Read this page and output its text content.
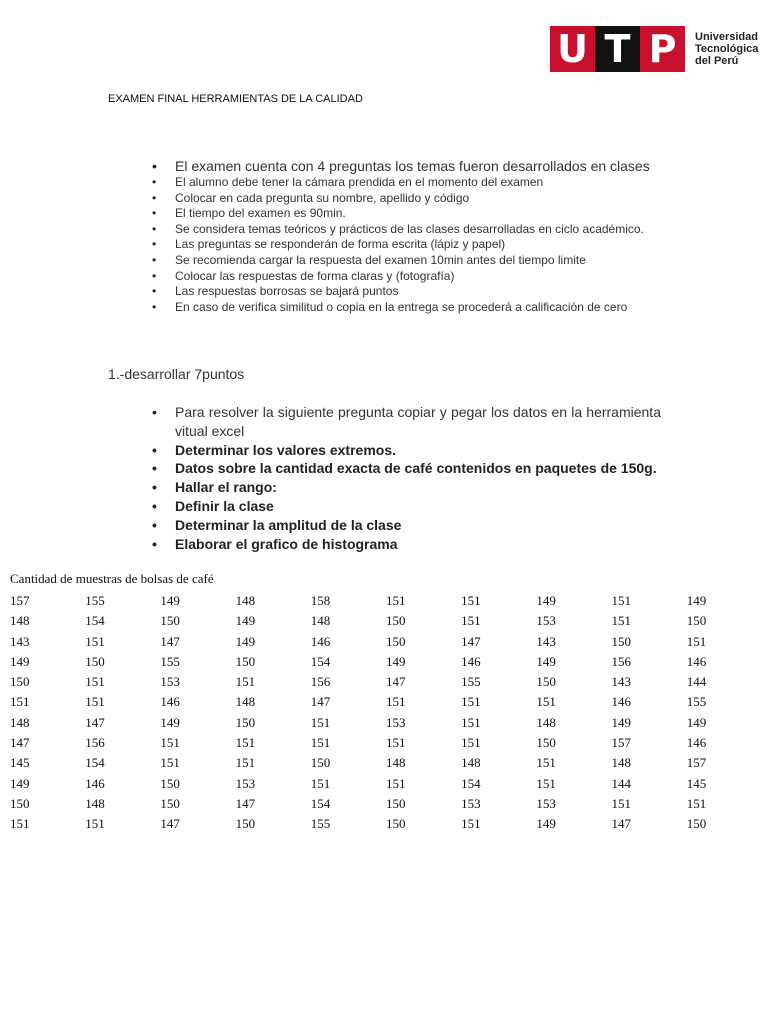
U T P	Universidad
Tecnológica
del Perú
EXAMEN FINAL HERRAMIENTAS DE LA CALIDAD
• El examen cuenta con 4 preguntas los temas fueron desarrollados en clases
• El alumno debe tener la cámara prendida en el momento del examen
• Colocar en cada pregunta su nombre, apellido y código
• El tiempo del examen es 90min.
• Se considera temas teóricos y prácticos de las clases desarrolladas en ciclo académico.
• Las preguntas se responderán de forma escrita (lápiz y papel)
• Se recomienda cargar la respuesta del examen 10min antes del tiempo limite
• Colocar las respuestas de forma claras y (fotografía)
• Las respuestas borrosas se bajará puntos
• En caso de verifica similitud o copia en la entrega se procederá a calificación de cero
1.-desarrollar 7puntos
• Para resolver la siguiente pregunta copiar y pegar los datos en la herramienta vitual excel
• Determinar los valores extremos.
• Datos sobre la cantidad exacta de café contenidos en paquetes de 150g.
• Hallar el rango:
• Definir la clase
• Determinar la amplitud de la clase
• Elaborar el grafico de histograma
Cantidad de muestras de bolsas de café
157	155	149	148	158	151	151	149	151	149
148	154	150	149	148	150	151	153	151	150
143	151	147	149	146	150	147	143	150	151
149	150	155	150	154	149	146	149	156	146
150	151	153	151	156	147	155	150	143	144
151	151	146	148	147	151	151	151	146	155
148	147	149	150	151	153	151	148	149	149
147	156	151	151	151	151	151	150	157	146
145	154	151	151	150	148	148	151	148	157
149	146	150	153	151	151	154	151	144	145
150	148	150	147	154	150	153	153	151	151
151	151	147	150	155	150	151	149	147	150
